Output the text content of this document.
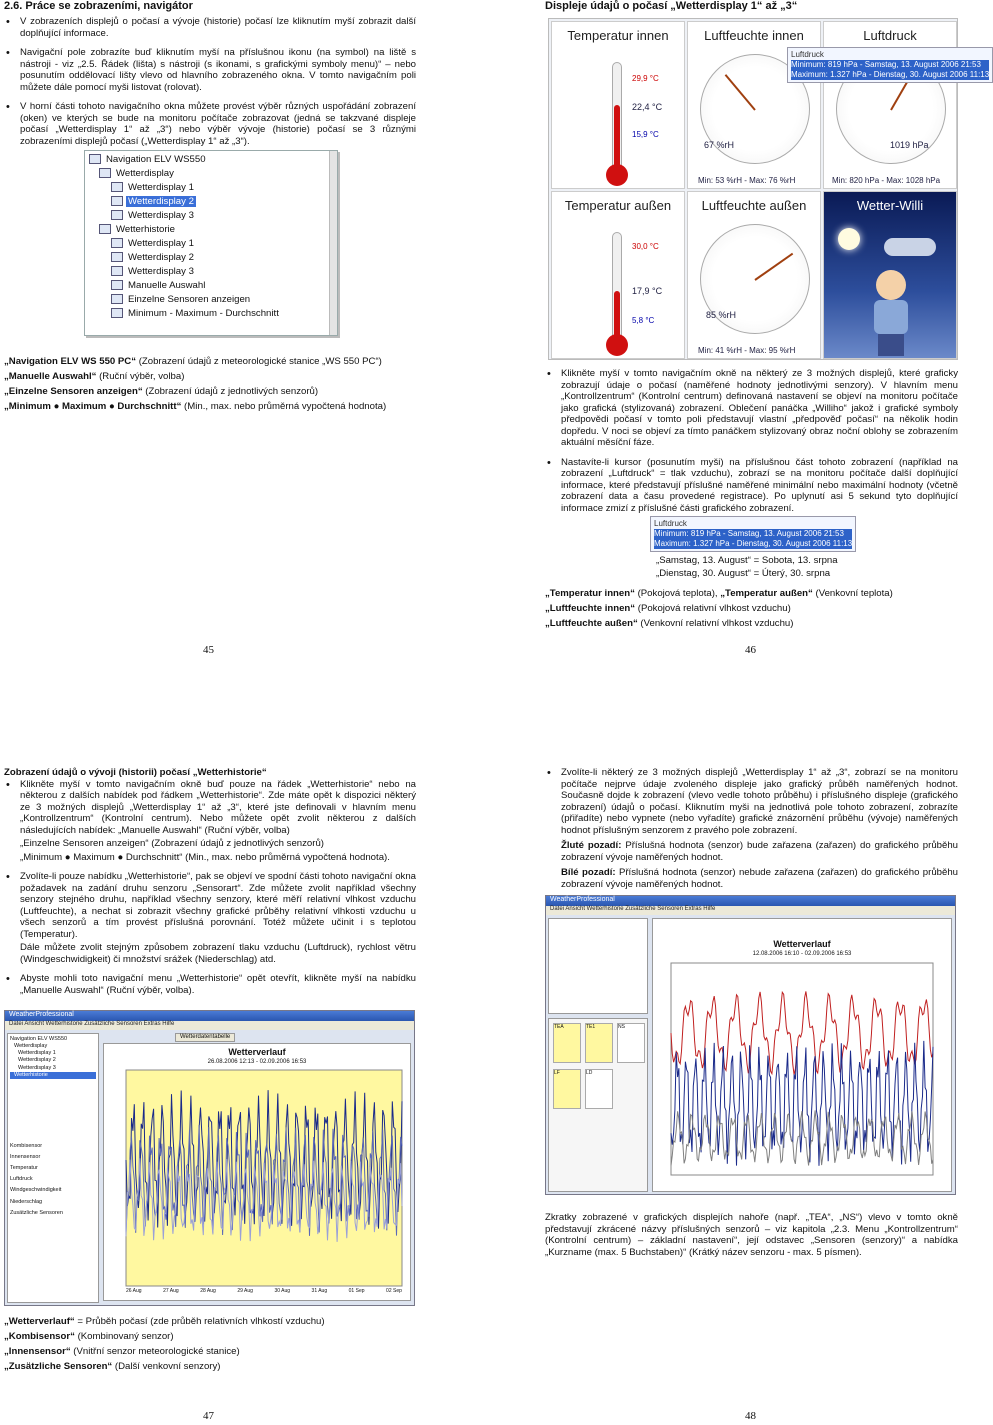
2.6. Práce se zobrazeními, navigátor
• V zobrazeních displejů o počasí a vývoje (historie) počasí lze kliknutím myší zobrazit další doplňující informace.
• Navigační pole zobrazíte buď kliknutím myší na příslušnou ikonu (na symbol) na liště s nástroji - viz „2.5. Řádek (lišta) s nástroji (s ikonami, s grafickými symboly menu)“ – nebo posunutím oddělovací lišty vlevo od hlavního zobrazeného okna. V tomto navigačním poli můžete dále pomocí myši listovat (rolovat).
• V horní části tohoto navigačního okna můžete provést výběr různých uspořádání zobrazení (oken) ve kterých se bude na monitoru počítače zobrazovat (jedná se takzvané displeje počasí „Wetterdisplay 1“ až „3“) nebo výběr vývoje (historie) počasí se 3 různými zobrazeními displejů počasí („Wetterdisplay 1“ až „3“).
Navigation ELV WS550
Wetterdisplay
Wetterdisplay 1
Wetterdisplay 2
Wetterdisplay 3
Wetterhistorie
Wetterdisplay 1
Wetterdisplay 2
Wetterdisplay 3
Manuelle Auswahl
Einzelne Sensoren anzeigen
Minimum - Maximum - Durchschnitt
„Navigation ELV WS 550 PC“ (Zobrazení údajů z meteorologické stanice „WS 550 PC“)
„Manuelle Auswahl“ (Ruční výběr, volba)
„Einzelne Sensoren anzeigen“ (Zobrazení údajů z jednotlivých senzorů)
„Minimum ● Maximum ● Durchschnitt“ (Min., max. nebo průměrná vypočtená hodnota)
45
Displeje údajů o počasí „Wetterdisplay 1“ až „3“
Temperatur innen
29,9 °C
22,4 °C
15,9 °C
Luftfeuchte innen
67 %rH
Min: 53 %rH - Max: 76 %rH
Luftdruck
1019 hPa
Min: 820 hPa - Max: 1028 hPa
Luftdruck
Minimum: 819 hPa - Samstag, 13. August 2006 21:53
Maximum: 1.327 hPa - Dienstag, 30. August 2006 11:13
Temperatur außen
30,0 °C
17,9 °C
5,8 °C
Luftfeuchte außen
85 %rH
Min: 41 %rH - Max: 95 %rH
Wetter-Willi
• Klikněte myší v tomto navigačním okně na některý ze 3 možných displejů, které graficky zobrazují údaje o počasí (naměřené hodnoty jednotlivými senzory). V hlavním menu „Kontrollzentrum“ (Kontrolní centrum) definovaná nastavení se objeví na monitoru počítače jako grafická (stylizovaná) zobrazení. Oblečení panáčka „Williho“ jakož i grafické symboly předpovědi počasí v tomto poli představují vlastní „předpověď počasí“ na několik hodin dopředu. V noci se objeví za tímto panáčkem stylizovaný obraz noční oblohy se zobrazením aktuální měsíční fáze.
• Nastavíte-li kursor (posunutím myši) na příslušnou část tohoto zobrazení (například na zobrazení „Luftdruck“ = tlak vzduchu), zobrazí se na monitoru počítače další doplňující informace, které představují příslušné naměřené minimální nebo maximální hodnoty (včetně zobrazení data a času provedené registrace). Po uplynutí asi 5 sekund tyto doplňující informace zmizí z příslušné části grafického zobrazení.
Luftdruck
Minimum: 819 hPa - Samstag, 13. August 2006 21:53
Maximum: 1.327 hPa - Dienstag, 30. August 2006 11:13
„Samstag, 13. August“ = Sobota, 13. srpna
„Dienstag, 30. August“ = Úterý, 30. srpna
„Temperatur innen“ (Pokojová teplota), „Temperatur außen“ (Venkovní teplota)
„Luftfeuchte innen“ (Pokojová relativní vlhkost vzduchu)
„Luftfeuchte außen“ (Venkovní relativní vlhkost vzduchu)
46
Zobrazení údajů o vývoji (historii) počasí „Wetterhistorie“
• Klikněte myší v tomto navigačním okně buď pouze na řádek „Wetterhistorie“ nebo na některou z dalších nabídek pod řádkem „Wetterhistorie“. Zde máte opět k dispozici některý ze 3 možných displejů „Wetterdisplay 1“ až „3“, které jste definovali v hlavním menu „Kontrollzentrum“ (Kontrolní centrum). Nebo můžete opět zvolit některou z dalších následujících nabídek: „Manuelle Auswahl“ (Ruční výběr, volba)
„Einzelne Sensoren anzeigen“ (Zobrazení údajů z jednotlivých senzorů)
„Minimum ● Maximum ● Durchschnitt“ (Min., max. nebo průměrná vypočtená hodnota).
• Zvolíte-li pouze nabídku „Wetterhistorie“, pak se objeví ve spodní části tohoto navigační okna požadavek na zadání druhu senzoru „Sensorart“. Zde můžete zvolit například všechny senzory stejného druhu, například všechny senzory, které měří relativní vlhkost vzduchu (Luftfeuchte), a nechat si zobrazit všechny grafické průběhy relativní vlhkosti vzduchu u všech senzorů a tím provést příslušná porovnání. Totéž můžete učinit i s teplotou (Temperatur).
Dále můžete zvolit stejným způsobem zobrazení tlaku vzduchu (Luftdruck), rychlost větru (Windgeschwidigkeit) či množství srážek (Niederschlag) atd.
• Abyste mohli toto navigační menu „Wetterhistorie“ opět otevřít, klikněte myší na nabídku „Manuelle Auswahl“ (Ruční výběr, volba).
WeatherProfessional
Datei Ansicht Wetterhistorie Zusätzliche Sensoren Extras Hilfe
Navigation ELV WS550
Wetterdisplay
Wetterdisplay 1
Wetterdisplay 2
Wetterdisplay 3
Wetterhistorie
Kombisensor
Innensensor
Temperatur
Luftdruck
Windgeschwindigkeit
Niederschlag
Zusätzliche Sensoren
Wetterdatentabelle
Wetterverlauf
26.08.2006 12:13 - 02.09.2006 16:53
26 Aug	27 Aug	28 Aug	29 Aug	30 Aug	31 Aug	01 Sep	02 Sep
„Wetterverlauf“ = Průběh počasí (zde průběh relativních vlhkostí vzduchu)
„Kombisensor“ (Kombinovaný senzor)
„Innensensor“ (Vnitřní senzor meteorologické stanice)
„Zusätzliche Sensoren“ (Další venkovní senzory)
47
• Zvolíte-li některý ze 3 možných displejů „Wetterdisplay 1“ až „3“, zobrazí se na monitoru počítače nejprve údaje zvoleného displeje jako grafický průběh naměřených hodnot. Současně dojde k zobrazení (vlevo vedle tohoto průběhu) i příslušného displeje (grafického zobrazení) údajů o počasí. Kliknutím myši na jednotlivá pole tohoto zobrazení, zobrazíte (přiřadíte) nebo vypnete (nebo vyřadíte) grafické znázornění průběhu (vývoje) naměřených hodnot příslušným senzorem z pravého pole zobrazení.
Žluté pozadí: Příslušná hodnota (senzor) bude zařazena (zařazen) do grafického průběhu zobrazení vývoje naměřených hodnot.
Bílé pozadí: Příslušná hodnota (senzor) nebude zařazena (zařazen) do grafického průběhu zobrazení vývoje naměřených hodnot.
WeatherProfessional
Datei Ansicht Wetterhistorie Zusätzliche Sensoren Extras Hilfe
TEA	TE1	NS
LF	LD
Wetterverlauf
12.08.2006 16:10 - 02.09.2006 16:53
Zkratky zobrazené v grafických displejích nahoře (např. „TEA“, „NS“) vlevo v tomto okně představují zkrácené názvy příslušných senzorů – viz kapitola „2.3. Menu „Kontrollzentrum“ (Kontrolní centrum) – základní nastavení“, její odstavec „Sensoren (senzory)“ a nabídka „Kurzname (max. 5 Buchstaben)“ (Krátký název senzoru - max. 5 písmen).
48
